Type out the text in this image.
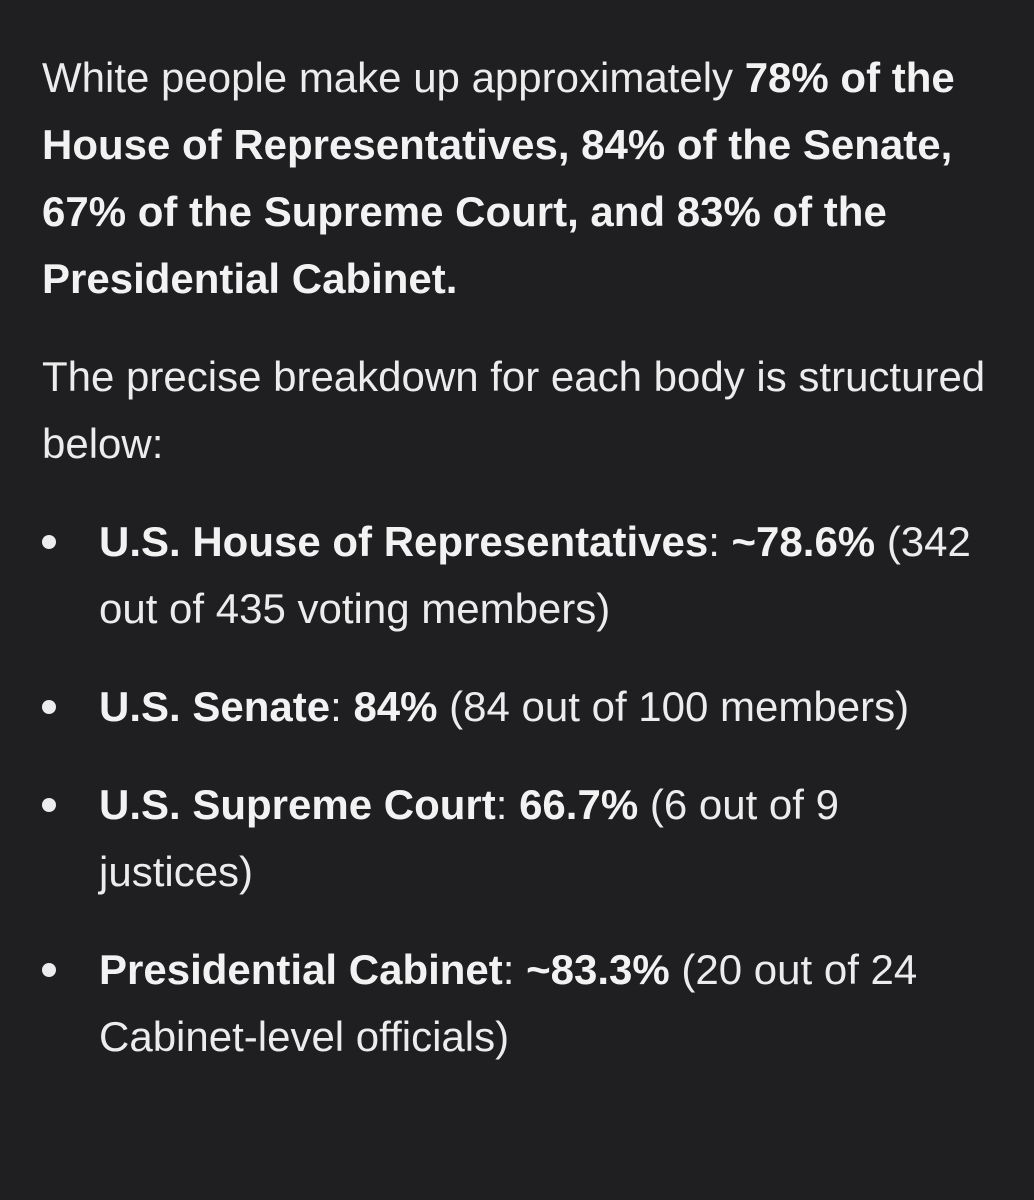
White people make up approximately 78% of the House of Representatives, 84% of the Senate, 67% of the Supreme Court, and 83% of the Presidential Cabinet.

The precise breakdown for each body is structured below:

U.S. House of Representatives: ~78.6% (342 out of 435 voting members)
U.S. Senate: 84% (84 out of 100 members)
U.S. Supreme Court: 66.7% (6 out of 9 justices)
Presidential Cabinet: ~83.3% (20 out of 24 Cabinet-level officials)
